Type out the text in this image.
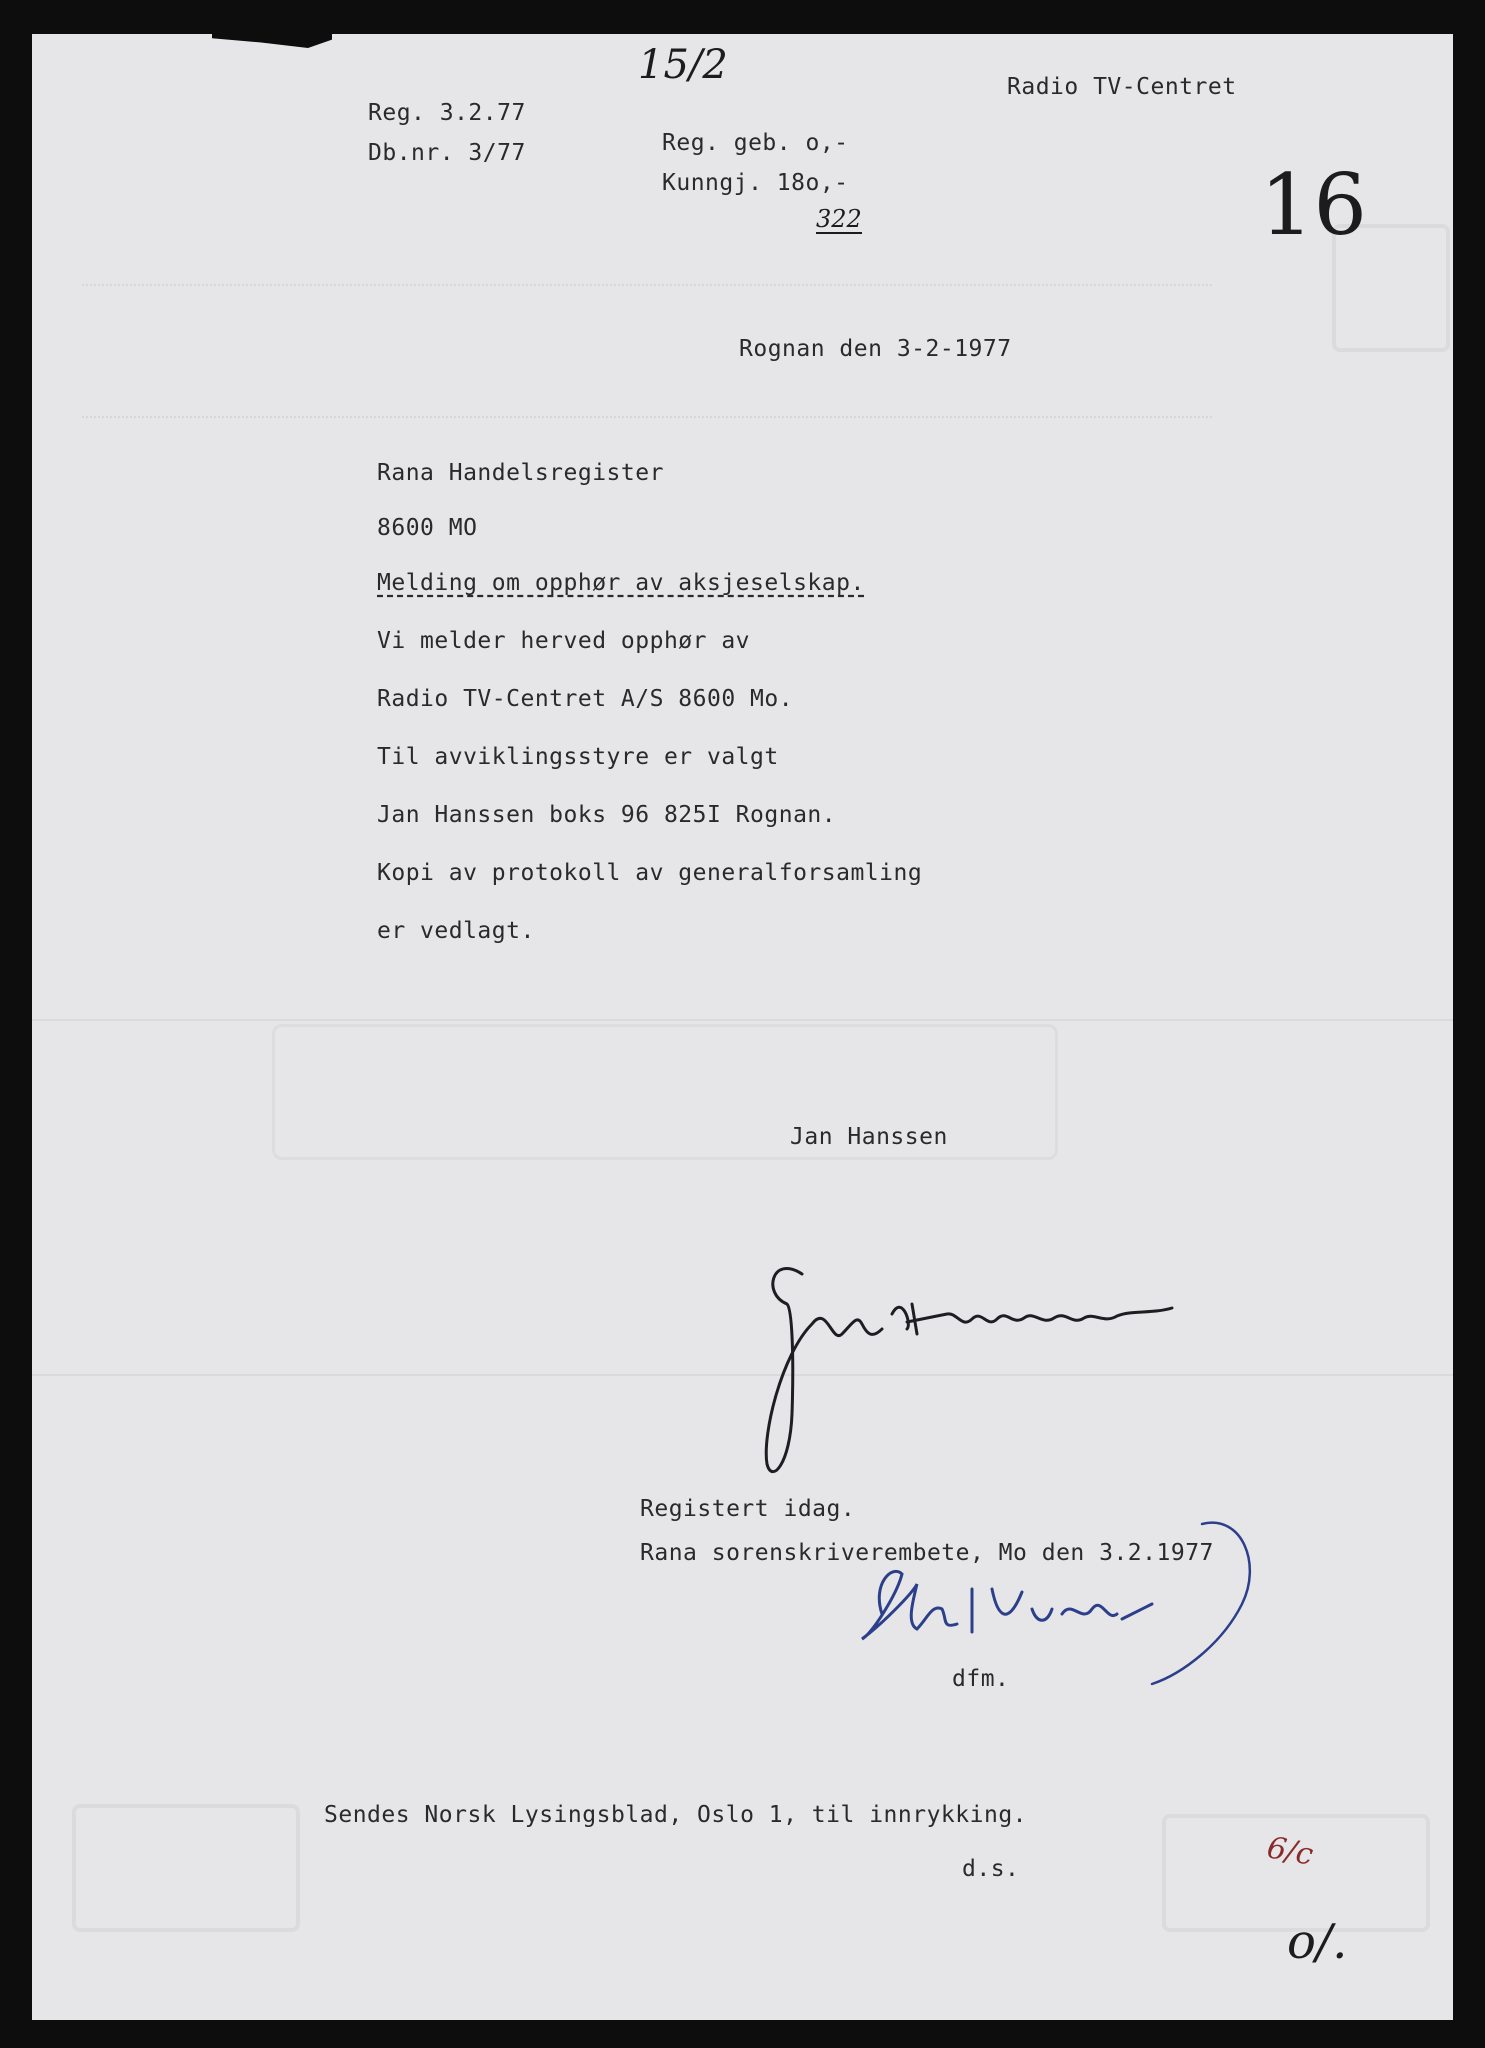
Radio TV-Centret
Reg. 3.2.77
Db.nr. 3/77	Reg. geb. o,-
Kunngj. 18o,-
15/2
16
322
Rognan den 3-2-1977
Rana Handelsregister
8600 MO
Melding om opphør av aksjeselskap.
Vi melder herved opphør av
Radio TV-Centret A/S 8600 Mo.
Til avviklingsstyre er valgt
Jan Hanssen boks 96 825I Rognan.
Kopi av protokoll av generalforsamling
er vedlagt.
Jan Hanssen
Registert idag.
Rana sorenskriverembete, Mo den 3.2.1977
dfm.
Sendes Norsk Lysingsblad, Oslo 1, til innrykking.
d.s.	6/c
o/.
